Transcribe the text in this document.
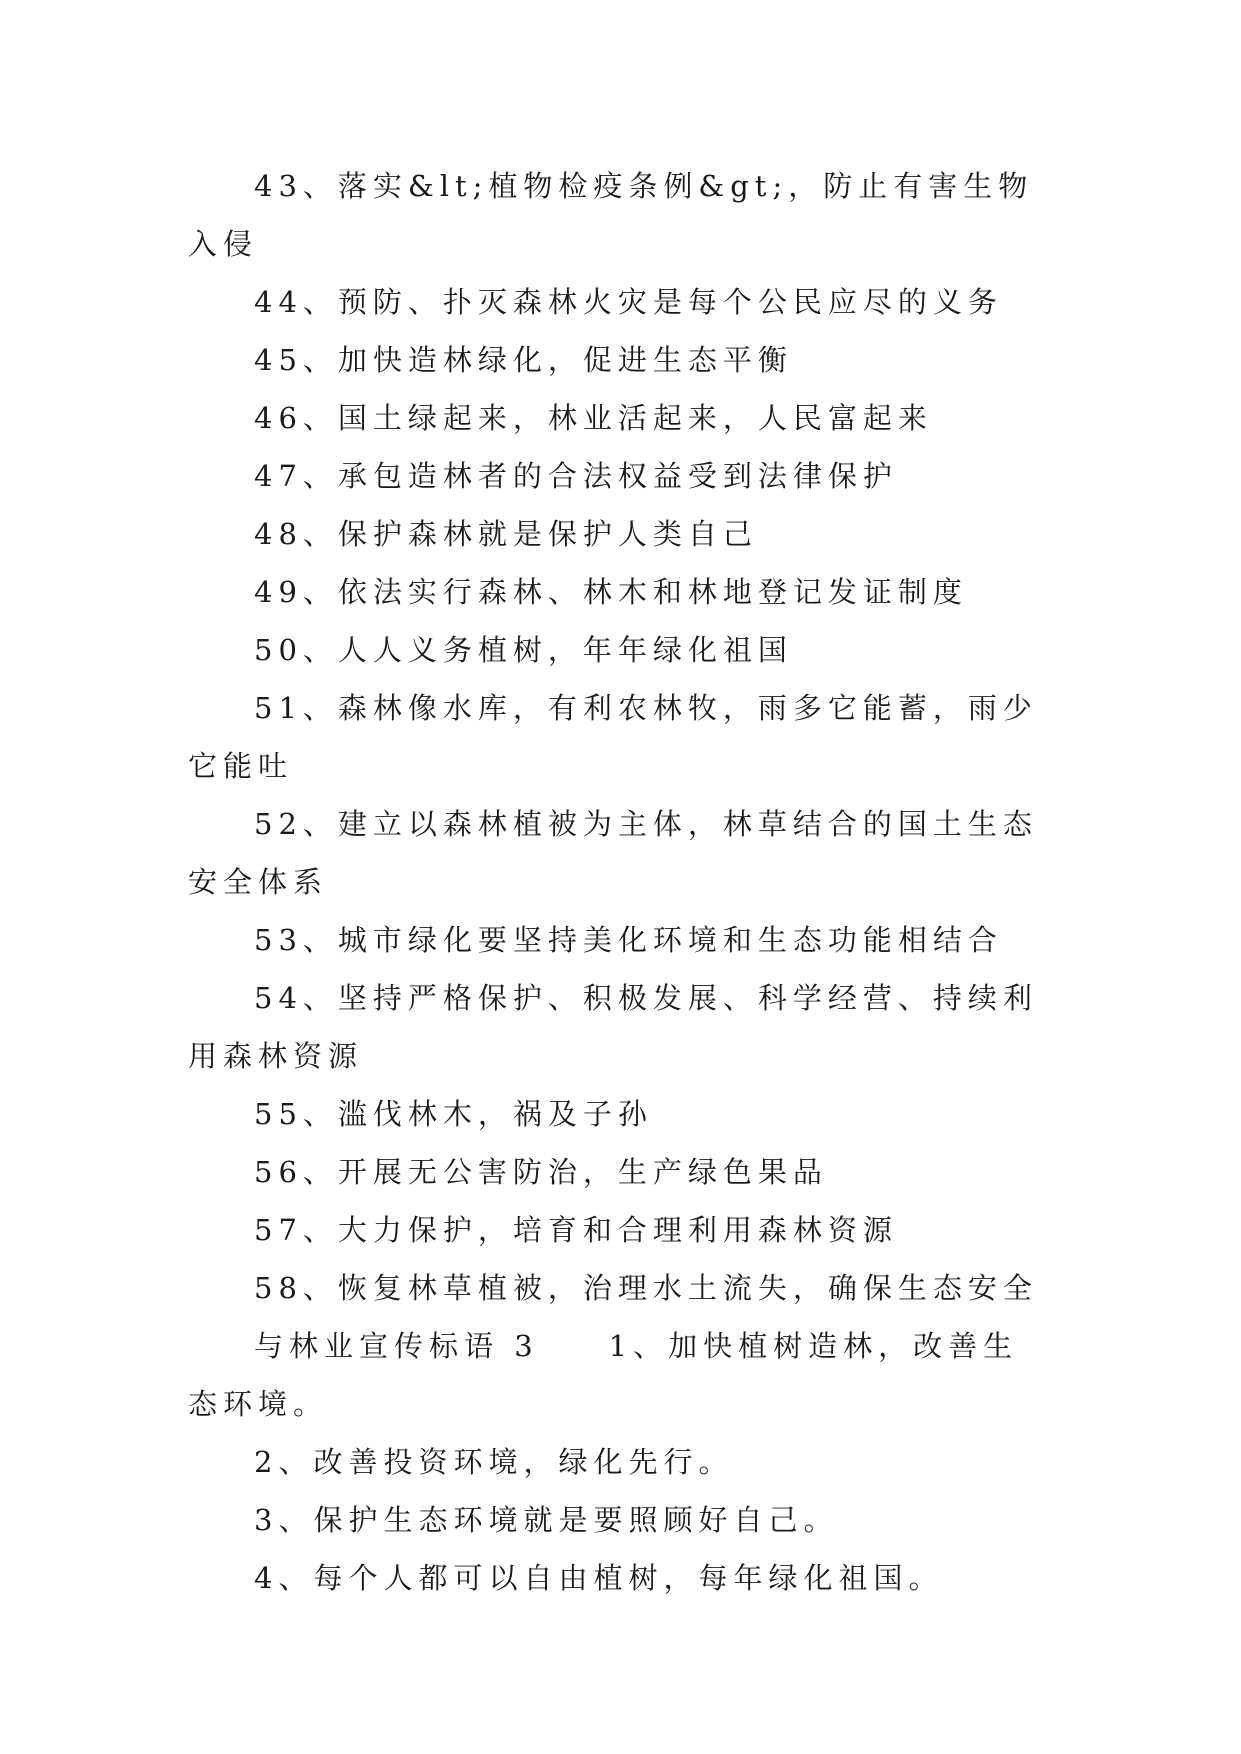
43、落实&lt;植物检疫条例&gt;，防止有害生物入侵

44、预防、扑灭森林火灾是每个公民应尽的义务

45、加快造林绿化，促进生态平衡

46、国土绿起来，林业活起来，人民富起来

47、承包造林者的合法权益受到法律保护

48、保护森林就是保护人类自己

49、依法实行森林、林木和林地登记发证制度

50、人人义务植树，年年绿化祖国

51、森林像水库，有利农林牧，雨多它能蓄，雨少它能吐

52、建立以森林植被为主体，林草结合的国土生态安全体系

53、城市绿化要坚持美化环境和生态功能相结合

54、坚持严格保护、积极发展、科学经营、持续利用森林资源

55、滥伐林木，祸及子孙

56、开展无公害防治，生产绿色果品

57、大力保护，培育和合理利用森林资源

58、恢复林草植被，治理水土流失，确保生态安全

与林业宣传标语 3　　1、加快植树造林，改善生态环境。

2、改善投资环境，绿化先行。

3、保护生态环境就是要照顾好自己。

4、每个人都可以自由植树，每年绿化祖国。
